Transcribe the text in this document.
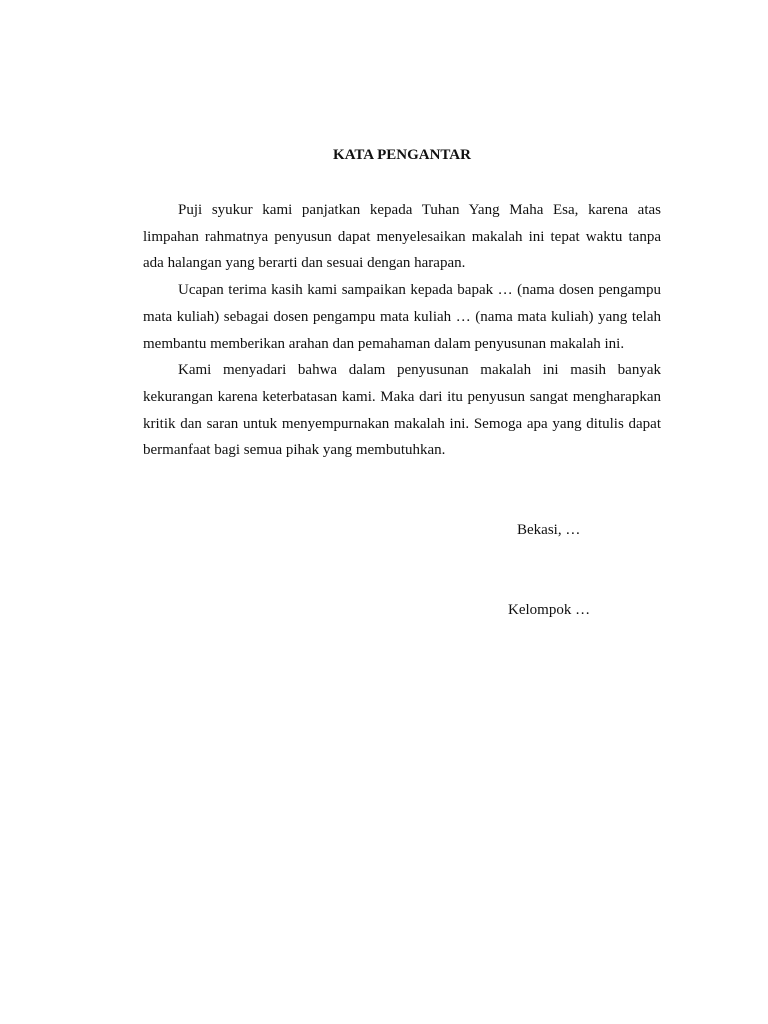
KATA PENGANTAR

Puji syukur kami panjatkan kepada Tuhan Yang Maha Esa, karena atas limpahan rahmatnya penyusun dapat menyelesaikan makalah ini tepat waktu tanpa ada halangan yang berarti dan sesuai dengan harapan.

Ucapan terima kasih kami sampaikan kepada bapak … (nama dosen pengampu mata kuliah) sebagai dosen pengampu mata kuliah … (nama mata kuliah) yang telah membantu memberikan arahan dan pemahaman dalam penyusunan makalah ini.

Kami menyadari bahwa dalam penyusunan makalah ini masih banyak kekurangan karena keterbatasan kami. Maka dari itu penyusun sangat mengharapkan kritik dan saran untuk menyempurnakan makalah ini. Semoga apa yang ditulis dapat bermanfaat bagi semua pihak yang membutuhkan.

Bekasi, …
Kelompok …
